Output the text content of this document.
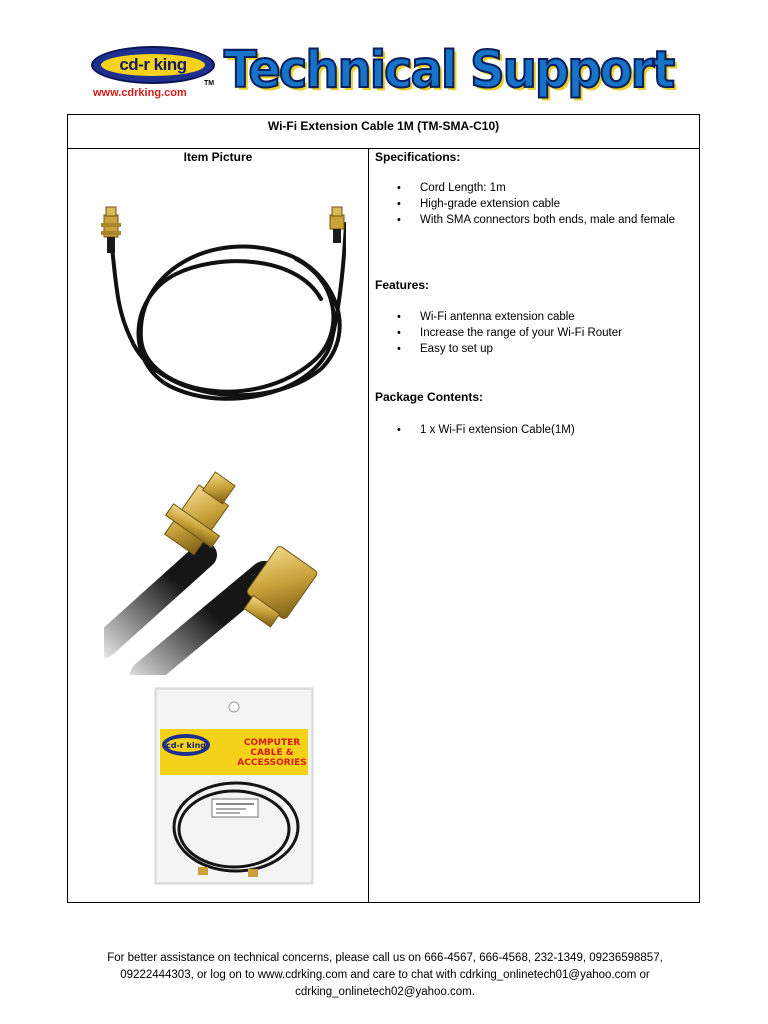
cd-r king
TM
www.cdrking.com Technical Support
Wi-Fi Extension Cable 1M (TM-SMA-C10)
Item Picture
cd-r king	COMPUTER
CABLE &
ACCESSORIES
Specifications:
• Cord Length: 1m
• High-grade extension cable
• With SMA connectors both ends, male and female
Features:
• Wi-Fi antenna extension cable
• Increase the range of your Wi-Fi Router
• Easy to set up
Package Contents:
• 1 x Wi-Fi extension Cable(1M)
For better assistance on technical concerns, please call us on 666-4567, 666-4568, 232-1349, 09236598857,
09222444303, or log on to www.cdrking.com and care to chat with cdrking_onlinetech01@yahoo.com or
cdrking_onlinetech02@yahoo.com.
